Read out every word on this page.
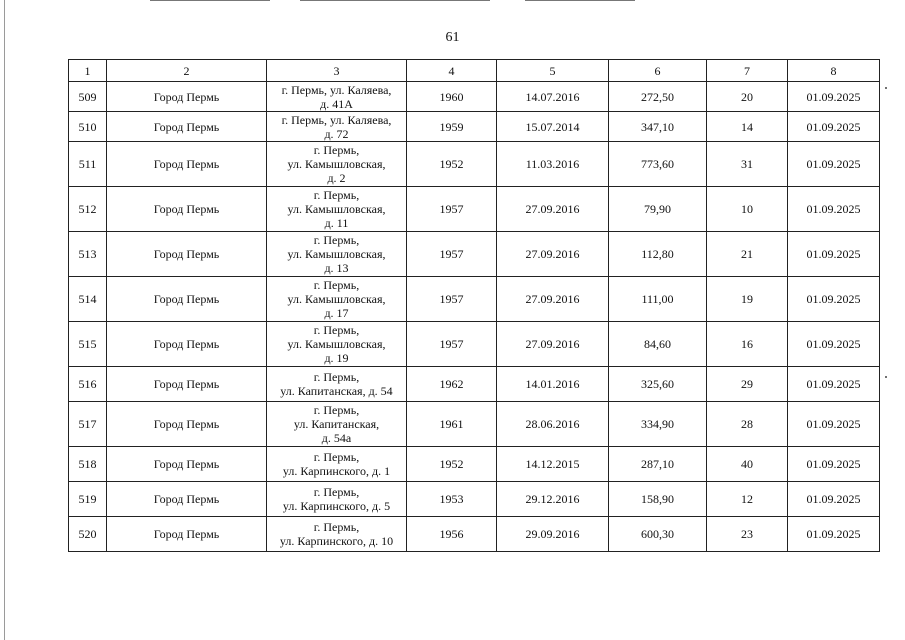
61
1	2	3	4	5	6	7	8
509	Город Пермь	г. Пермь, ул. Каляева,
д. 41А	1960	14.07.2016	272,50	20	01.09.2025
510	Город Пермь	г. Пермь, ул. Каляева,
д. 72	1959	15.07.2014	347,10	14	01.09.2025
511	Город Пермь	г. Пермь,
ул. Камышловская,
д. 2	1952	11.03.2016	773,60	31	01.09.2025
512	Город Пермь	г. Пермь,
ул. Камышловская,
д. 11	1957	27.09.2016	79,90	10	01.09.2025
513	Город Пермь	г. Пермь,
ул. Камышловская,
д. 13	1957	27.09.2016	112,80	21	01.09.2025
514	Город Пермь	г. Пермь,
ул. Камышловская,
д. 17	1957	27.09.2016	111,00	19	01.09.2025
515	Город Пермь	г. Пермь,
ул. Камышловская,
д. 19	1957	27.09.2016	84,60	16	01.09.2025
516	Город Пермь	г. Пермь,
ул. Капитанская, д. 54	1962	14.01.2016	325,60	29	01.09.2025
517	Город Пермь	г. Пермь,
ул. Капитанская,
д. 54а	1961	28.06.2016	334,90	28	01.09.2025
518	Город Пермь	г. Пермь,
ул. Карпинского, д. 1	1952	14.12.2015	287,10	40	01.09.2025
519	Город Пермь	г. Пермь,
ул. Карпинского, д. 5	1953	29.12.2016	158,90	12	01.09.2025
520	Город Пермь	г. Пермь,
ул. Карпинского, д. 10	1956	29.09.2016	600,30	23	01.09.2025
